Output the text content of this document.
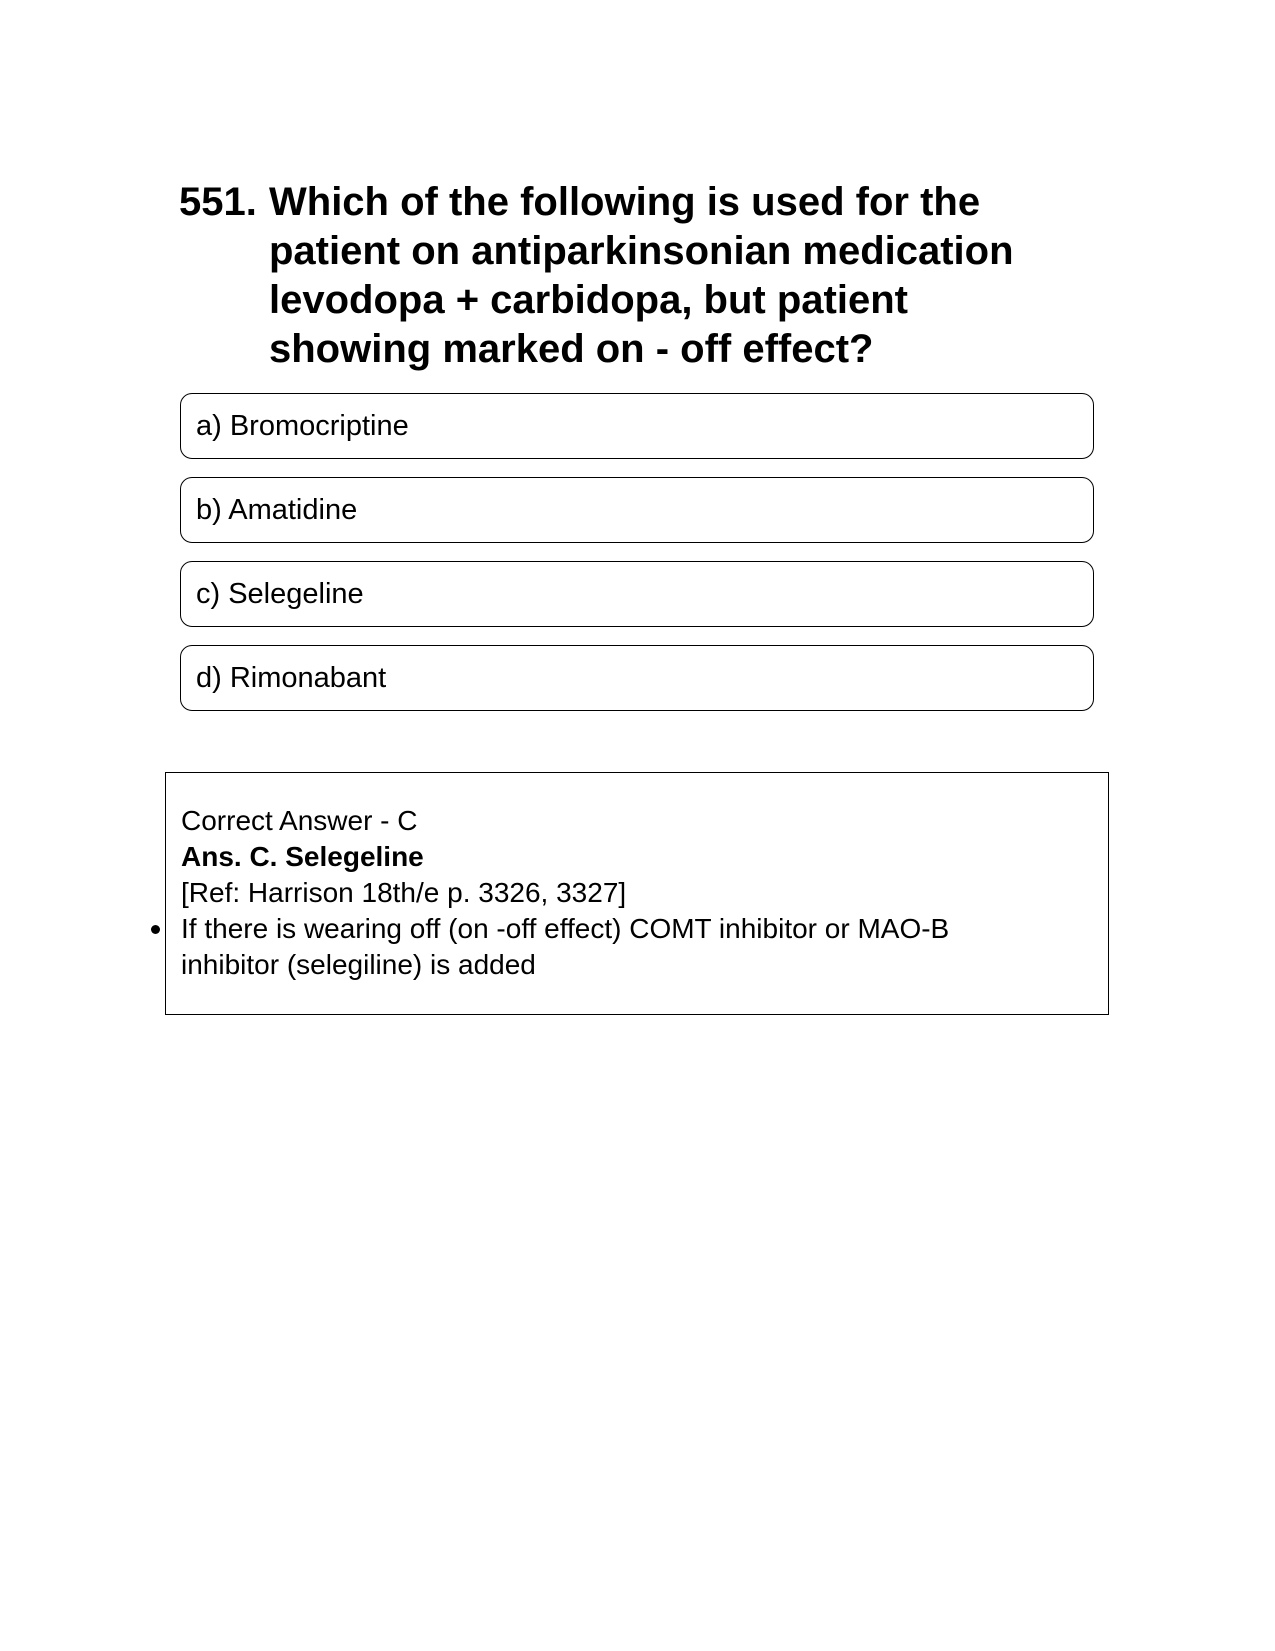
551. Which of the following is used for the patient on antiparkinsonian medication levodopa + carbidopa, but patient showing marked on - off effect?
a) Bromocriptine
b) Amatidine
c) Selegeline
d) Rimonabant
Correct Answer - C
Ans. C. Selegeline
[Ref: Harrison 18th/e p. 3326, 3327]
If there is wearing off (on -off effect) COMT inhibitor or MAO-B inhibitor (selegiline) is added
